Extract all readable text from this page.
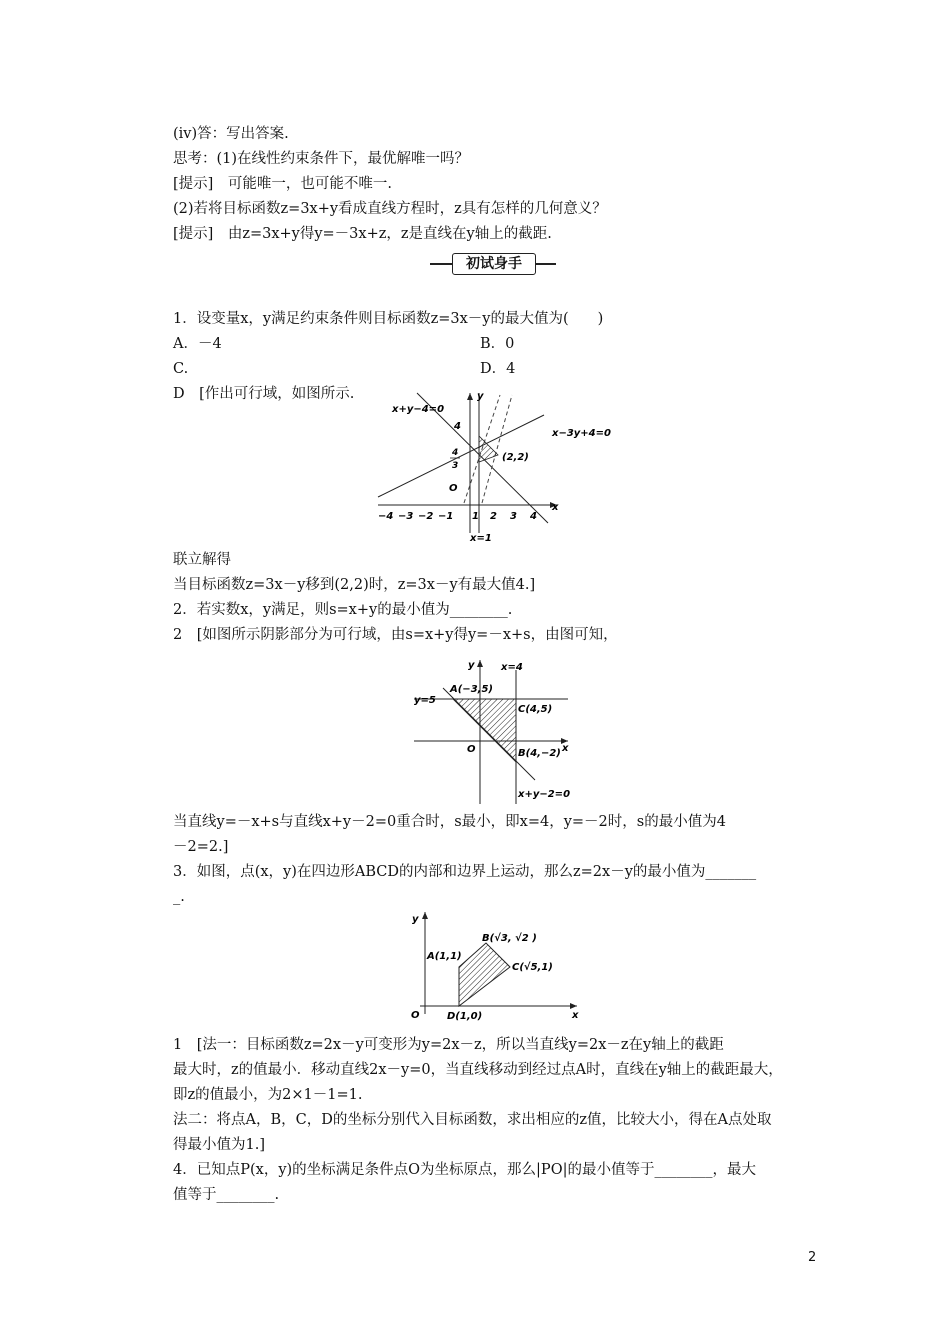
(iv)答：写出答案.
思考：(1)在线性约束条件下，最优解唯一吗？
[提示]　可能唯一，也可能不唯一.
(2)若将目标函数z=3x+y看成直线方程时，z具有怎样的几何意义？
[提示]　由z=3x+y得y=－3x+z，z是直线在y轴上的截距.
初试身手
1．设变量x，y满足约束条件则目标函数z=3x－y的最大值为(　　)
A．－4	B．0
C.	D．4
D　[作出可行域，如图所示.
x+y−4=0
x−3y+4=0
x=1
y
x
O
(2,2)
4
4
3
−4 −3 −2 −1 1 2 3 4
联立解得
当目标函数z=3x－y移到(2,2)时，z=3x－y有最大值4.]
2．若实数x，y满足，则s=x+y的最小值为________.
2　[如图所示阴影部分为可行域，由s=x+y得y=－x+s，由图可知，
y
x
O
x=4
y=5
A(−3,5)
C(4,5)
B(4,−2)
x+y−2=0
当直线y=－x+s与直线x+y－2=0重合时，s最小，即x=4，y=－2时，s的最小值为4
－2=2.]
3．如图，点(x，y)在四边形ABCD的内部和边界上运动，那么z=2x－y的最小值为_______
_.
y
x
O
A(1,1)
B(√3, √2 )
C(√5,1)
D(1,0)
1　[法一：目标函数z=2x－y可变形为y=2x－z，所以当直线y=2x－z在y轴上的截距
最大时，z的值最小．移动直线2x－y=0，当直线移动到经过点A时，直线在y轴上的截距最大，
即z的值最小，为2×1－1=1.
法二：将点A，B，C，D的坐标分别代入目标函数，求出相应的z值，比较大小，得在A点处取
得最小值为1.]
4．已知点P(x，y)的坐标满足条件点O为坐标原点，那么|PO|的最小值等于________，最大
值等于________.
2
